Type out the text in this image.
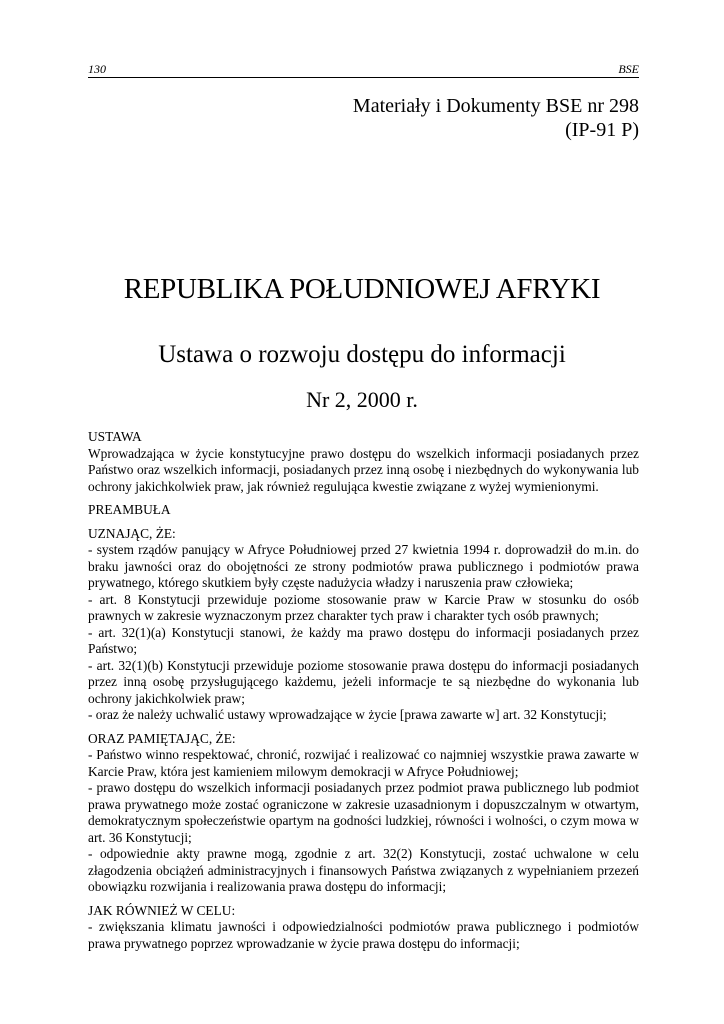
130	BSE
Materiały i Dokumenty BSE nr 298
(IP-91 P)
REPUBLIKA POŁUDNIOWEJ AFRYKI
Ustawa o rozwoju dostępu do informacji
Nr 2, 2000 r.

USTAWA

Wprowadzająca w życie konstytucyjne prawo dostępu do wszelkich informacji posiadanych przez Państwo oraz wszelkich informacji, posiadanych przez inną osobę i niezbędnych do wykonywania lub ochrony jakichkolwiek praw, jak również regulująca kwestie związane z wyżej wymienionymi.

PREAMBUŁA

UZNAJĄC, ŻE:

- system rządów panujący w Afryce Południowej przed 27 kwietnia 1994 r. doprowadził do m.in. do braku jawności oraz do obojętności ze strony podmiotów prawa publicznego i podmiotów prawa prywatnego, którego skutkiem były częste nadużycia władzy i naruszenia praw człowieka;

- art. 8 Konstytucji przewiduje poziome stosowanie praw w Karcie Praw w stosunku do osób prawnych w zakresie wyznaczonym przez charakter tych praw i charakter tych osób prawnych;

- art. 32(1)(a) Konstytucji stanowi, że każdy ma prawo dostępu do informacji posiadanych przez Państwo;

- art. 32(1)(b) Konstytucji przewiduje poziome stosowanie prawa dostępu do informacji posiadanych przez inną osobę przysługującego każdemu, jeżeli informacje te są niezbędne do wykonania lub ochrony jakichkolwiek praw;

- oraz że należy uchwalić ustawy wprowadzające w życie [prawa zawarte w] art. 32 Konstytucji;

ORAZ PAMIĘTAJĄC, ŻE:

- Państwo winno respektować, chronić, rozwijać i realizować co najmniej wszystkie prawa zawarte w Karcie Praw, która jest kamieniem milowym demokracji w Afryce Południowej;

- prawo dostępu do wszelkich informacji posiadanych przez podmiot prawa publicznego lub podmiot prawa prywatnego może zostać ograniczone w zakresie uzasadnionym i dopuszczalnym w otwartym, demokratycznym społeczeństwie opartym na godności ludzkiej, równości i wolności, o czym mowa w art. 36 Konstytucji;

- odpowiednie akty prawne mogą, zgodnie z art. 32(2) Konstytucji, zostać uchwalone w celu złagodzenia obciążeń administracyjnych i finansowych Państwa związanych z wypełnianiem przezeń obowiązku rozwijania i realizowania prawa dostępu do informacji;

JAK RÓWNIEŻ W CELU:

- zwiększania klimatu jawności i odpowiedzialności podmiotów prawa publicznego i podmiotów prawa prywatnego poprzez wprowadzanie w życie prawa dostępu do informacji;
